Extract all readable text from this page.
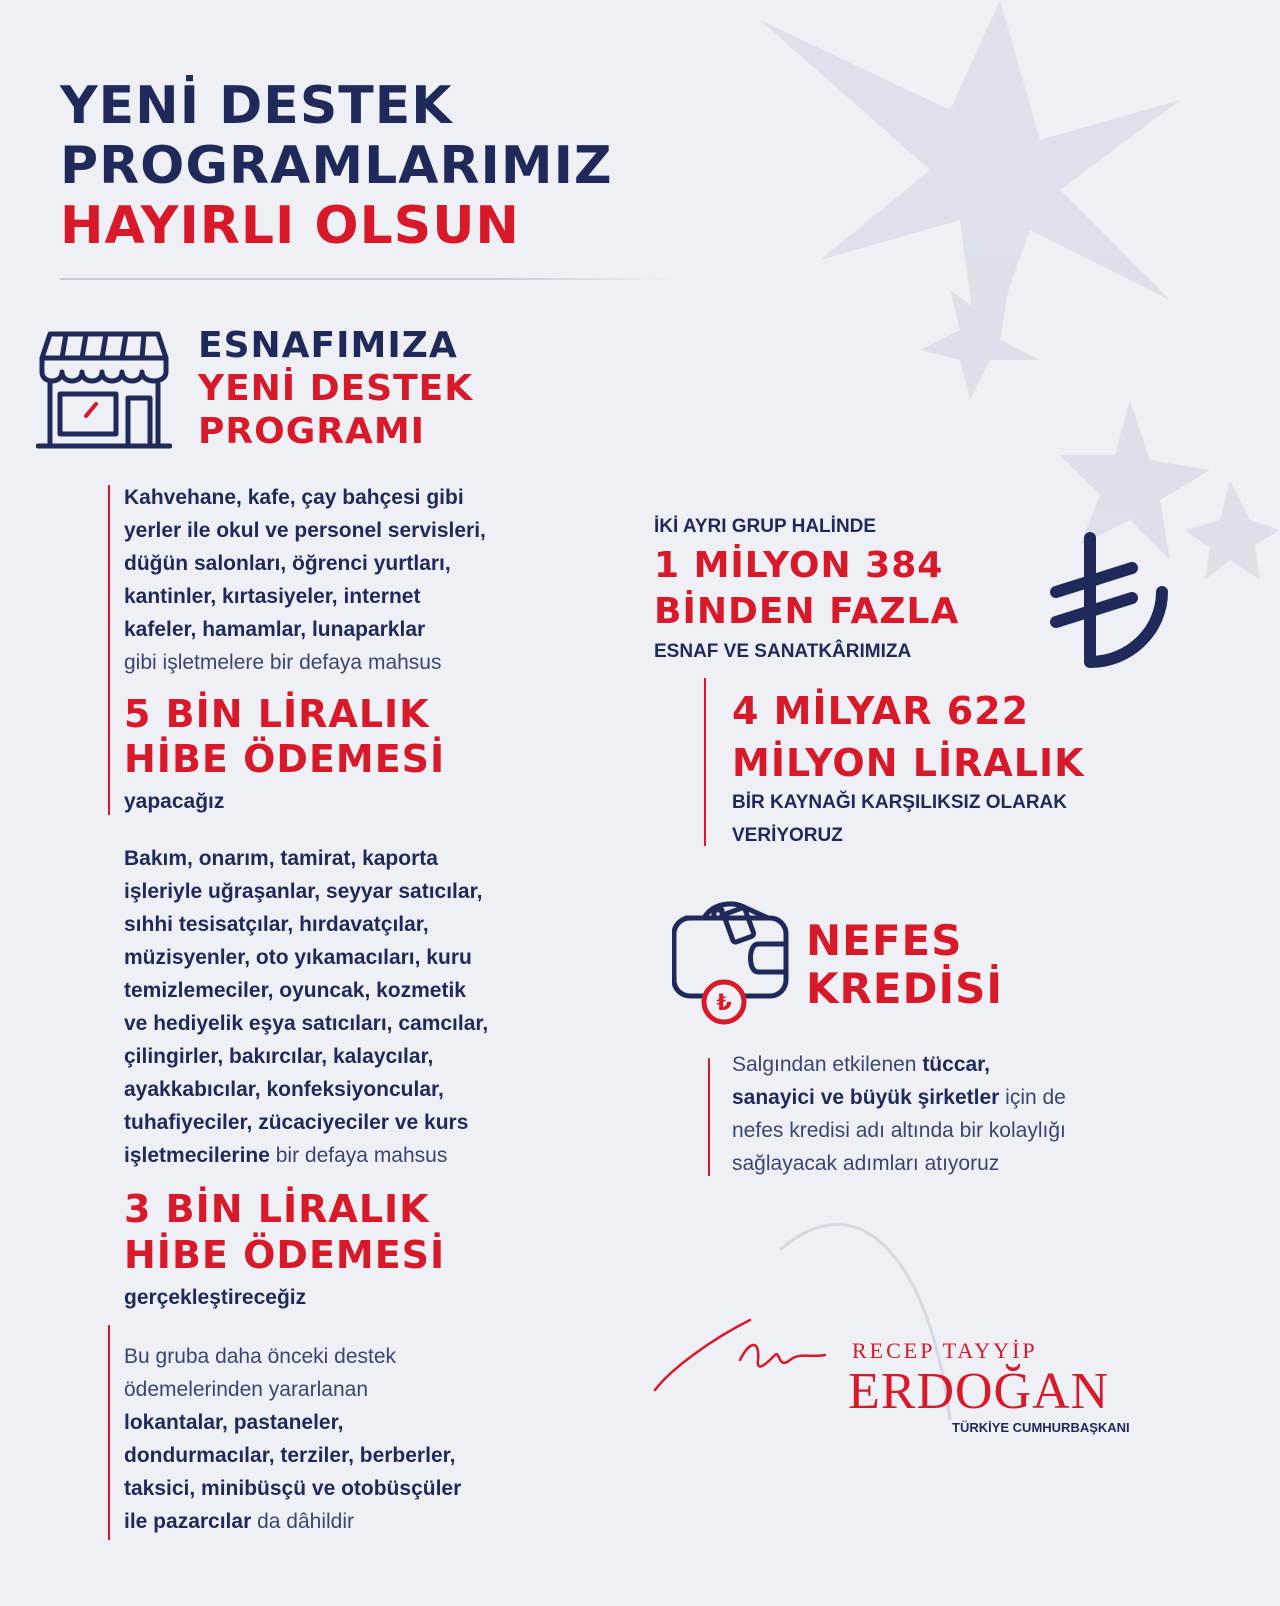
YENİ DESTEK
PROGRAMLARIMIZ
HAYIRLI OLSUN
ESNAFIMIZA
YENİ DESTEK
PROGRAMI
Kahvehane, kafe, çay bahçesi gibi
yerler ile okul ve personel servisleri,
düğün salonları, öğrenci yurtları,
kantinler, kırtasiyeler, internet
kafeler, hamamlar, lunaparklar
gibi işletmelere bir defaya mahsus
5 BİN LİRALIK
HİBE ÖDEMESİ
yapacağız
Bakım, onarım, tamirat, kaporta
işleriyle uğraşanlar, seyyar satıcılar,
sıhhi tesisatçılar, hırdavatçılar,
müzisyenler, oto yıkamacıları, kuru
temizlemeciler, oyuncak, kozmetik
ve hediyelik eşya satıcıları, camcılar,
çilingirler, bakırcılar, kalaycılar,
ayakkabıcılar, konfeksiyoncular,
tuhafiyeciler, zücaciyeciler ve kurs
işletmecilerine bir defaya mahsus
3 BİN LİRALIK
HİBE ÖDEMESİ
gerçekleştireceğiz
Bu gruba daha önceki destek
ödemelerinden yararlanan
lokantalar, pastaneler,
dondurmacılar, terziler, berberler,
taksici, minibüsçü ve otobüsçüler
ile pazarcılar da dâhildir
İKİ AYRI GRUP HALİNDE
1 MİLYON 384
BİNDEN FAZLA
ESNAF VE SANATKÂRIMIZA
4 MİLYAR 622
MİLYON LİRALIK
BİR KAYNAĞI KARŞILIKSIZ OLARAK
VERİYORUZ
₺
NEFES
KREDİSİ
Salgından etkilenen tüccar,
sanayici ve büyük şirketler için de
nefes kredisi adı altında bir kolaylığı
sağlayacak adımları atıyoruz
RECEP TAYYİP
ERDOĞAN
TÜRKİYE CUMHURBAŞKANI
